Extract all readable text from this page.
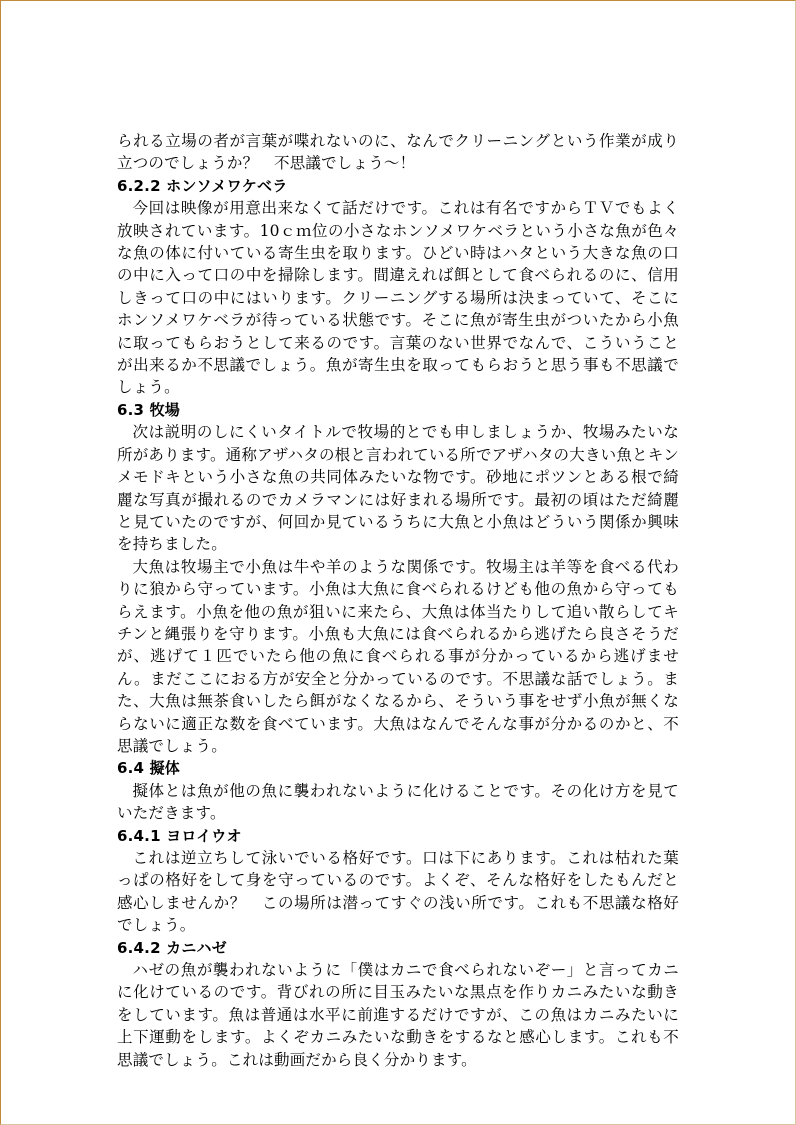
られる立場の者が言葉が喋れないのに、なんでクリーニングという作業が成り立つのでしょうか？　不思議でしょう〜！

6.2.2 ホンソメワケベラ

今回は映像が用意出来なくて話だけです。これは有名ですからＴＶでもよく放映されています。10ｃｍ位の小さなホンソメワケベラという小さな魚が色々な魚の体に付いている寄生虫を取ります。ひどい時はハタという大きな魚の口の中に入って口の中を掃除します。間違えれば餌として食べられるのに、信用しきって口の中にはいります。クリーニングする場所は決まっていて、そこにホンソメワケベラが待っている状態です。そこに魚が寄生虫がついたから小魚に取ってもらおうとして来るのです。言葉のない世界でなんで、こういうことが出来るか不思議でしょう。魚が寄生虫を取ってもらおうと思う事も不思議でしょう。

6.3 牧場

次は説明のしにくいタイトルで牧場的とでも申しましょうか、牧場みたいな所があります。通称アザハタの根と言われている所でアザハタの大きい魚とキンメモドキという小さな魚の共同体みたいな物です。砂地にポツンとある根で綺麗な写真が撮れるのでカメラマンには好まれる場所です。最初の頃はただ綺麗と見ていたのですが、何回か見ているうちに大魚と小魚はどういう関係か興味を持ちました。

大魚は牧場主で小魚は牛や羊のような関係です。牧場主は羊等を食べる代わりに狼から守っています。小魚は大魚に食べられるけども他の魚から守ってもらえます。小魚を他の魚が狙いに来たら、大魚は体当たりして追い散らしてキチンと縄張りを守ります。小魚も大魚には食べられるから逃げたら良さそうだが、逃げて１匹でいたら他の魚に食べられる事が分かっているから逃げません。まだここにおる方が安全と分かっているのです。不思議な話でしょう。また、大魚は無茶食いしたら餌がなくなるから、そういう事をせず小魚が無くならないに適正な数を食べています。大魚はなんでそんな事が分かるのかと、不思議でしょう。

6.4 擬体

擬体とは魚が他の魚に襲われないように化けることです。その化け方を見ていただきます。

6.4.1 ヨロイウオ

これは逆立ちして泳いでいる格好です。口は下にあります。これは枯れた葉っぱの格好をして身を守っているのです。よくぞ、そんな格好をしたもんだと感心しませんか？　この場所は潜ってすぐの浅い所です。これも不思議な格好でしょう。

6.4.2 カニハゼ

ハゼの魚が襲われないように「僕はカニで食べられないぞー」と言ってカニに化けているのです。背びれの所に目玉みたいな黒点を作りカニみたいな動きをしています。魚は普通は水平に前進するだけですが、この魚はカニみたいに上下運動をします。よくぞカニみたいな動きをするなと感心します。これも不思議でしょう。これは動画だから良く分かります。
